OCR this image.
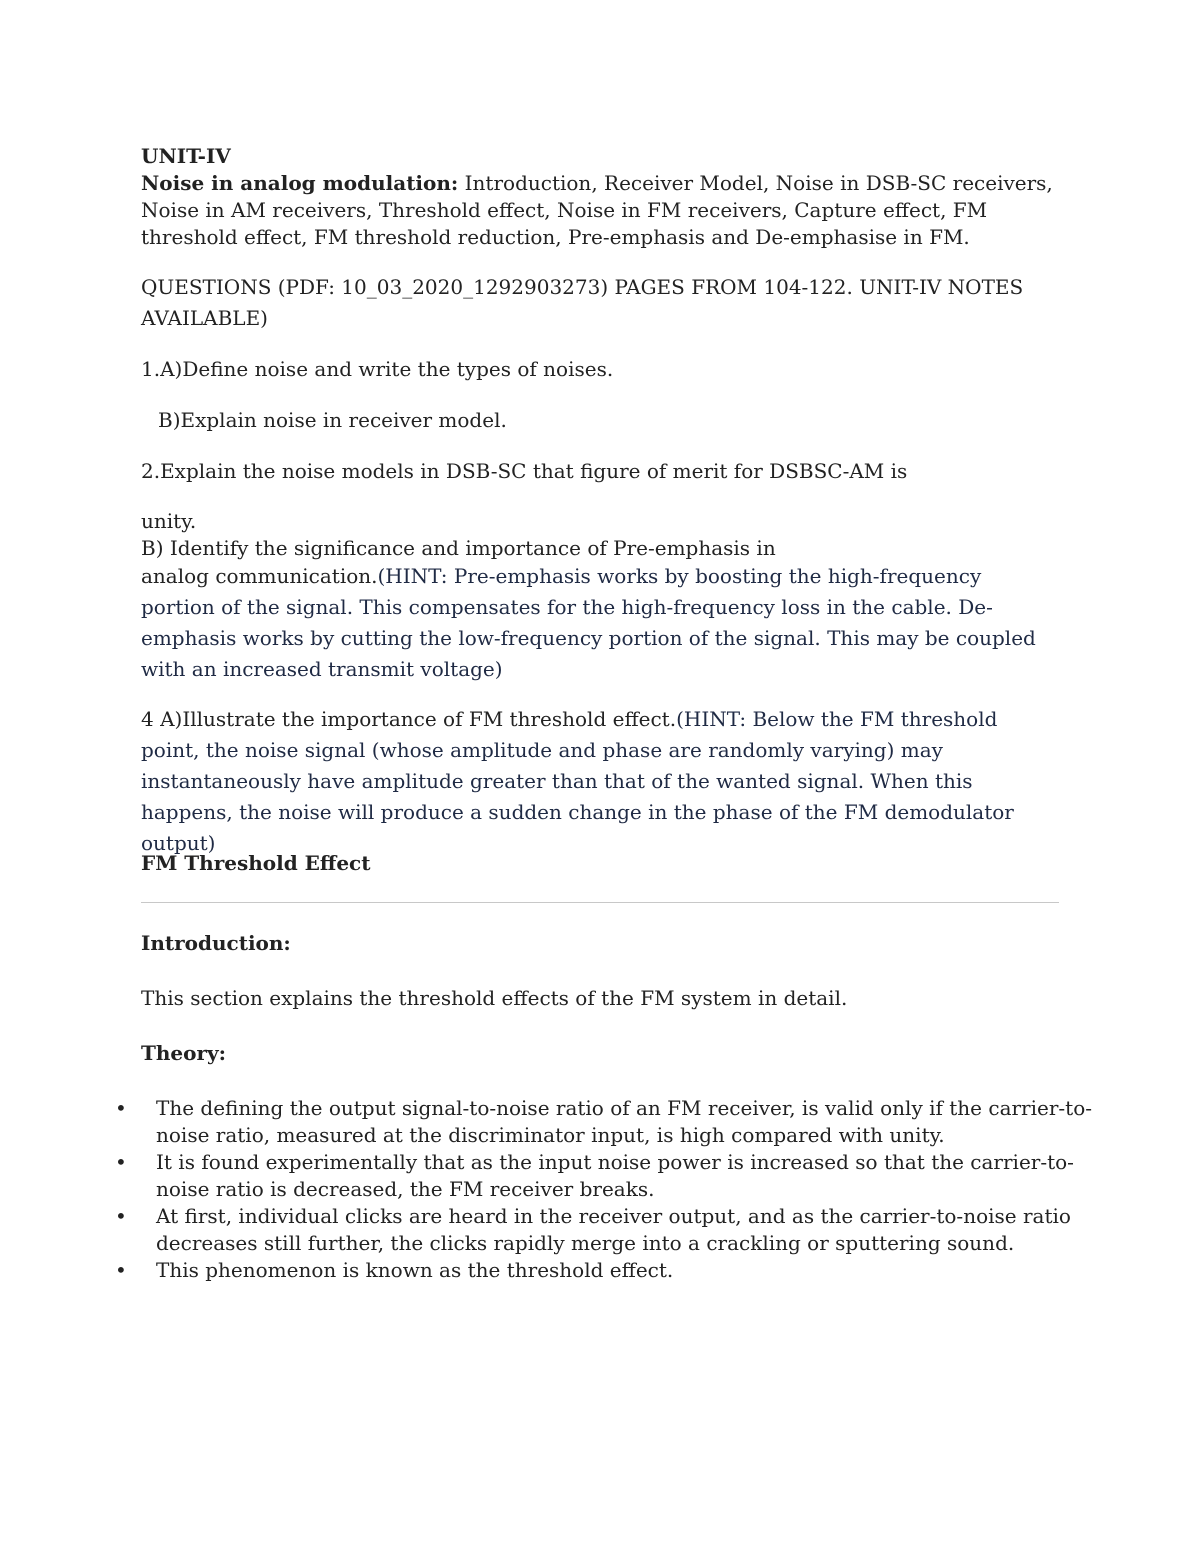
UNIT-IV

Noise in analog modulation: Introduction, Receiver Model, Noise in DSB-SC receivers, Noise in AM receivers, Threshold effect, Noise in FM receivers, Capture effect, FM threshold effect, FM threshold reduction, Pre-emphasis and De-emphasise in FM.

QUESTIONS (PDF: 10_03_2020_1292903273) PAGES FROM 104-122. UNIT-IV NOTES AVAILABLE)

1.A)Define noise and write the types of noises.

B)Explain noise in receiver model.

2.Explain the noise models in DSB-SC that figure of merit for DSBSC-AM is

unity.

B) Identify the significance and importance of Pre-emphasis in

analog communication.(HINT: Pre-emphasis works by boosting the high-frequency portion of the signal. This compensates for the high-frequency loss in the cable. De-emphasis works by cutting the low-frequency portion of the signal. This may be coupled with an increased transmit voltage)

4 A)Illustrate the importance of FM threshold effect.(HINT: Below the FM threshold point, the noise signal (whose amplitude and phase are randomly varying) may instantaneously have amplitude greater than that of the wanted signal. When this happens, the noise will produce a sudden change in the phase of the FM demodulator output)

FM Threshold Effect
Introduction:

This section explains the threshold effects of the FM system in detail.

Theory:
•	The defining the output signal-to-noise ratio of an FM receiver, is valid only if the carrier-to-noise ratio, measured at the discriminator input, is high compared with unity.
•	It is found experimentally that as the input noise power is increased so that the carrier-to-noise ratio is decreased, the FM receiver breaks.
•	At first, individual clicks are heard in the receiver output, and as the carrier-to-noise ratio decreases still further, the clicks rapidly merge into a crackling or sputtering sound.
•	This phenomenon is known as the threshold effect.
